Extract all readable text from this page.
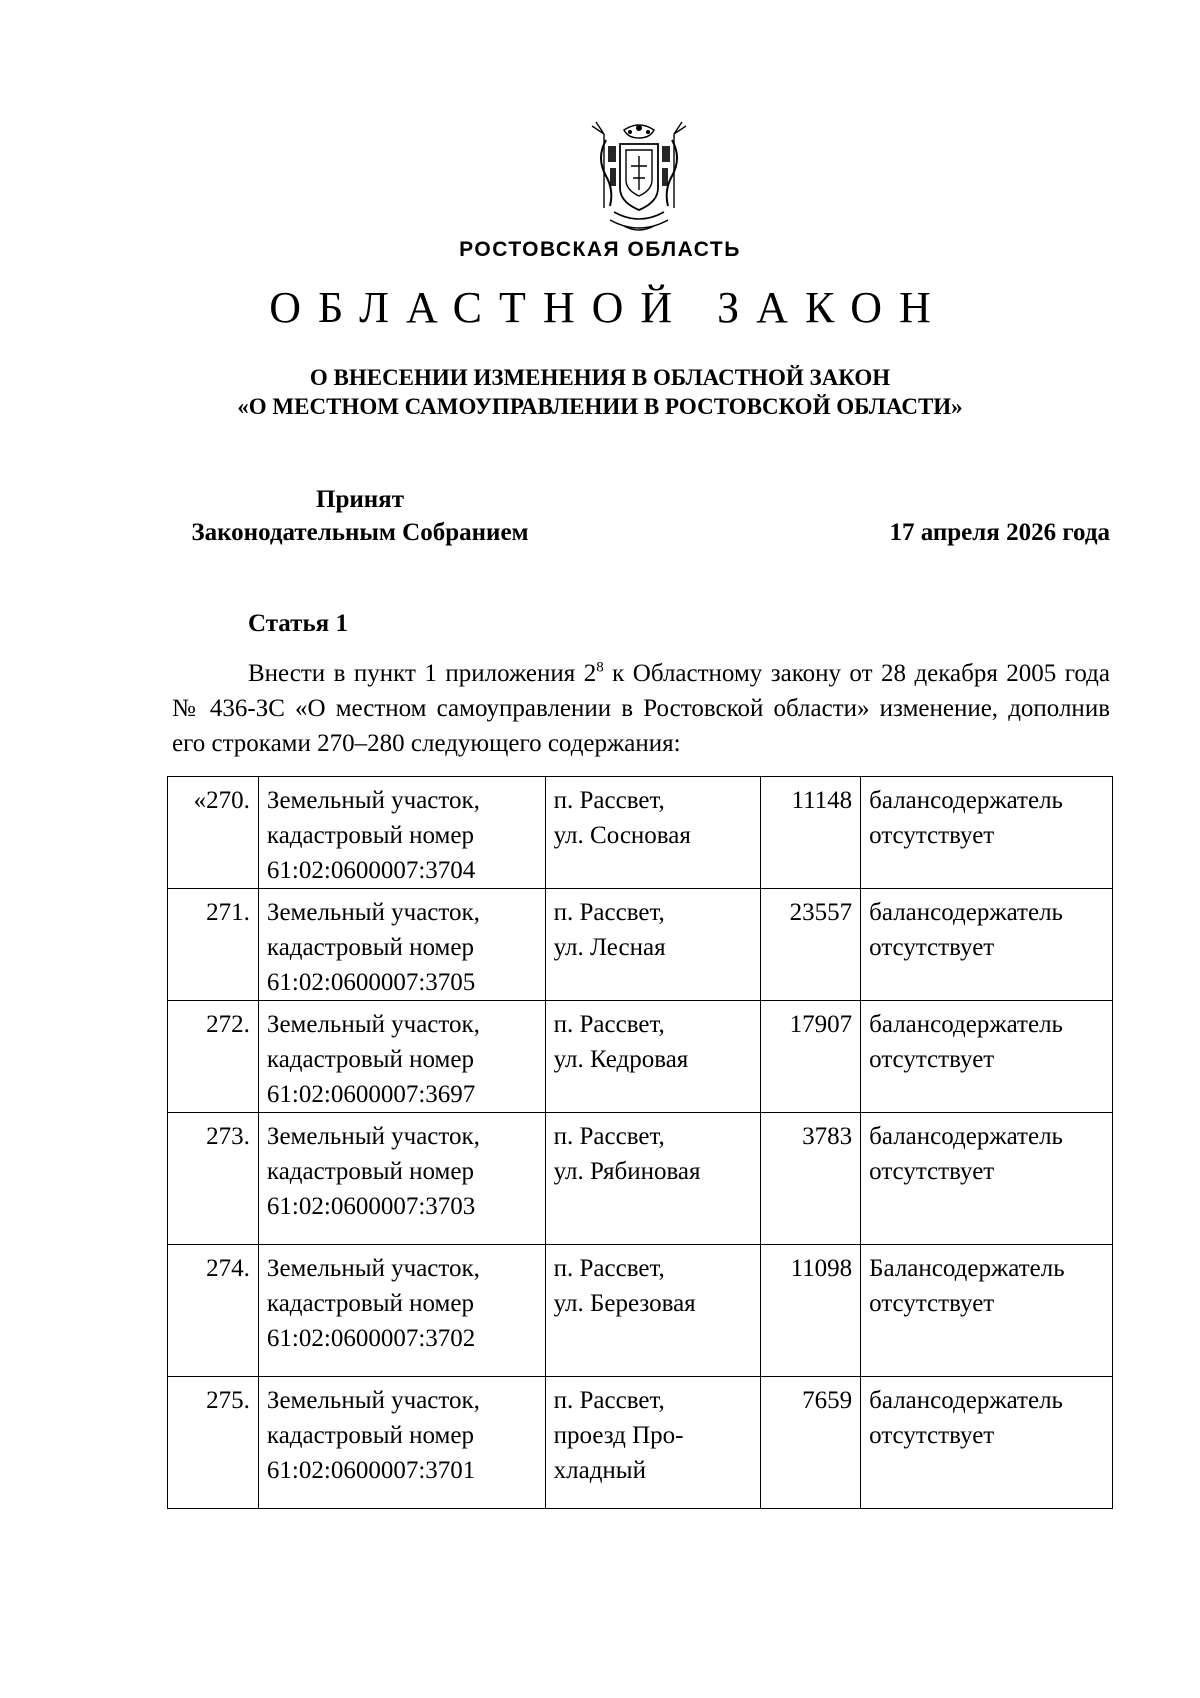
РОСТОВСКАЯ ОБЛАСТЬ
ОБЛАСТНОЙ ЗАКОН
О ВНЕСЕНИИ ИЗМЕНЕНИЯ В ОБЛАСТНОЙ ЗАКОН
«О МЕСТНОМ САМОУПРАВЛЕНИИ В РОСТОВСКОЙ ОБЛАСТИ»
Принят
Законодательным Собранием	17 апреля 2026 года
Статья 1
Внести в пункт 1 приложения $2^8$ к Областному закону от 28 декабря 2005 года № 436-ЗС «О местном самоуправлении в Ростовской области» изменение, дополнив его строками 270–280 следующего содержания:
«270.	Земельный участок,
кадастровый номер
61:02:0600007:3704	п. Рассвет,
ул. Сосновая	11148	балансодержатель
отсутствует

271.	Земельный участок,
кадастровый номер
61:02:0600007:3705	п. Рассвет,
ул. Лесная	23557	балансодержатель
отсутствует

272.	Земельный участок,
кадастровый номер
61:02:0600007:3697	п. Рассвет,
ул. Кедровая	17907	балансодержатель
отсутствует

273.	Земельный участок,
кадастровый номер
61:02:0600007:3703	п. Рассвет,
ул. Рябиновая	3783	балансодержатель
отсутствует

274.	Земельный участок,
кадастровый номер
61:02:0600007:3702	п. Рассвет,
ул. Березовая	11098	Балансодержатель
отсутствует

275.	Земельный участок,
кадастровый номер
61:02:0600007:3701	п. Рассвет,
проезд Про-
хладный	7659	балансодержатель
отсутствует
